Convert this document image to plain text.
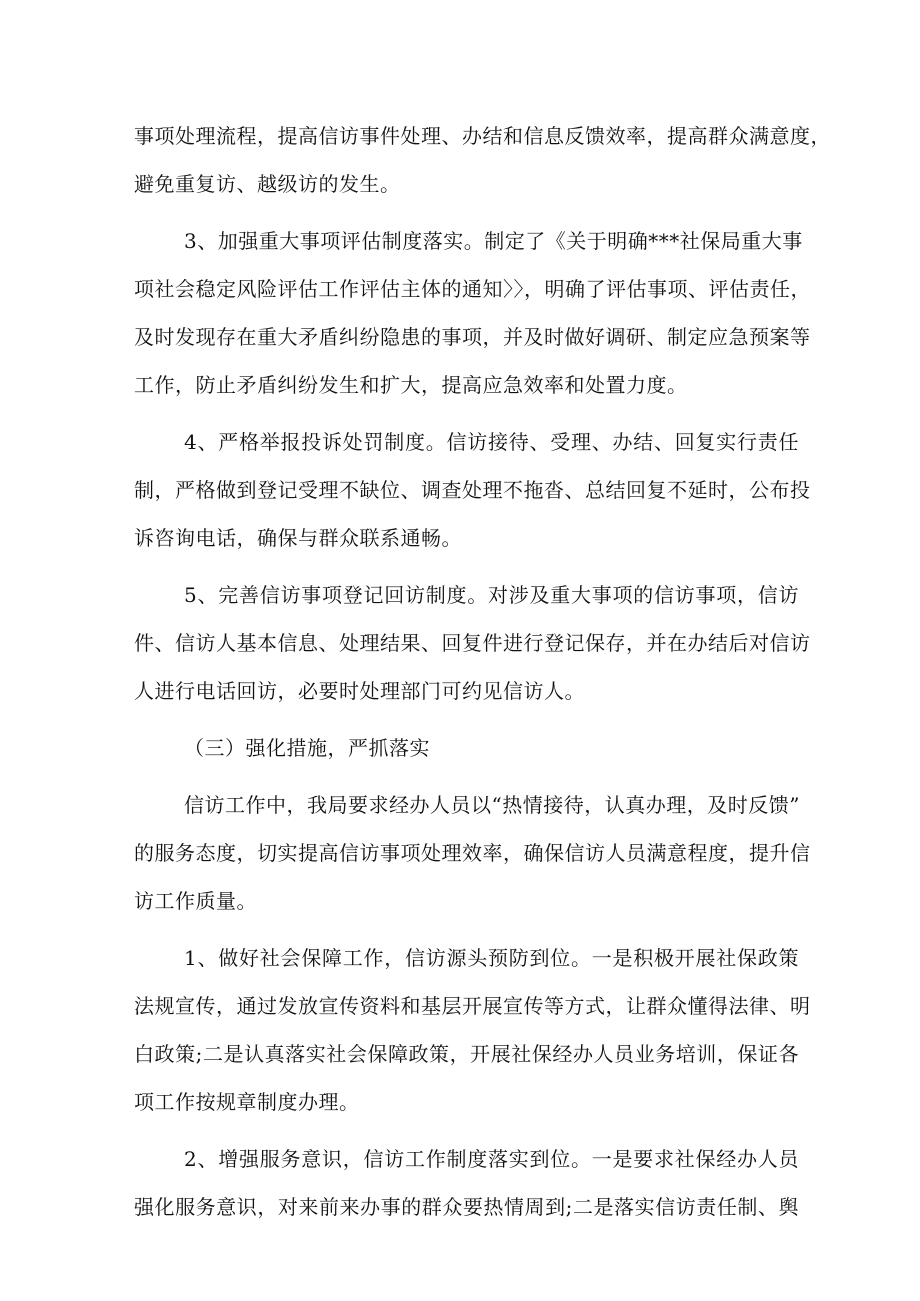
事项处理流程，提高信访事件处理、办结和信息反馈效率，提高群众满意度，
避免重复访、越级访的发生。
3、加强重大事项评估制度落实。制定了《关于明确***社保局重大事
项社会稳定风险评估工作评估主体的通知〉〉，明确了评估事项、评估责任，
及时发现存在重大矛盾纠纷隐患的事项，并及时做好调研、制定应急预案等
工作，防止矛盾纠纷发生和扩大，提高应急效率和处置力度。
4、严格举报投诉处罚制度。信访接待、受理、办结、回复实行责任
制，严格做到登记受理不缺位、调查处理不拖沓、总结回复不延时，公布投
诉咨询电话，确保与群众联系通畅。
5、完善信访事项登记回访制度。对涉及重大事项的信访事项，信访
件、信访人基本信息、处理结果、回复件进行登记保存，并在办结后对信访
人进行电话回访，必要时处理部门可约见信访人。
（三）强化措施，严抓落实
信访工作中，我局要求经办人员以“热情接待，认真办理，及时反馈”
的服务态度，切实提高信访事项处理效率，确保信访人员满意程度，提升信
访工作质量。
1、做好社会保障工作，信访源头预防到位。一是积极开展社保政策
法规宣传，通过发放宣传资料和基层开展宣传等方式，让群众懂得法律、明
白政策;二是认真落实社会保障政策，开展社保经办人员业务培训，保证各
项工作按规章制度办理。
2、增强服务意识，信访工作制度落实到位。一是要求社保经办人员
强化服务意识，对来前来办事的群众要热情周到;二是落实信访责任制、舆
